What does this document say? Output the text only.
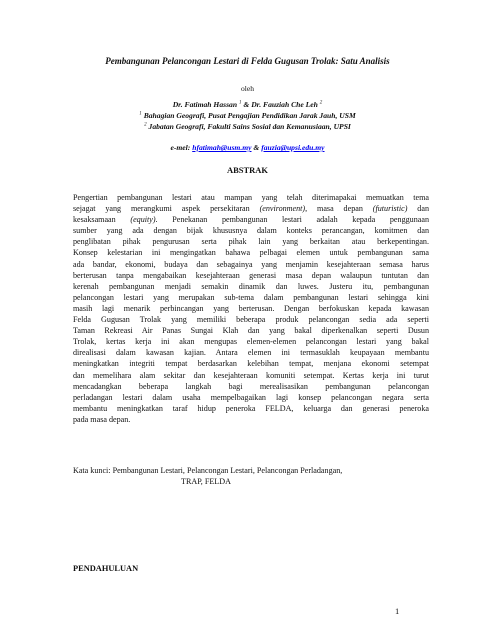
Pembangunan Pelancongan Lestari di Felda Gugusan Trolak: Satu Analisis
oleh
Dr. Fatimah Hassan $^1$ & Dr. Fauziah Che Leh $^2$
$^1$ Bahagian Geografi, Pusat Pengajian Pendidikan Jarak Jauh, USM
$^2$ Jabatan Geografi, Fakulti Sains Sosial dan Kemanusiaan, UPSI
e-mel: hfatimah@usm.my & fauzia@upsi.edu.my
ABSTRAK
Pengertian pembangunan lestari atau mampan yang telah diterimapakai memuatkan tema
sejagat yang merangkumi aspek persekitaran (environment), masa depan (futuristic) dan
kesaksamaan (equity). Penekanan pembangunan lestari adalah kepada penggunaan
sumber yang ada dengan bijak khususnya dalam konteks perancangan, komitmen dan
penglibatan pihak pengurusan serta pihak lain yang berkaitan atau berkepentingan.
Konsep kelestarian ini mengingatkan bahawa pelbagai elemen untuk pembangunan sama
ada bandar, ekonomi, budaya dan sebagainya yang menjamin kesejahteraan semasa harus
berterusan tanpa mengabaikan kesejahteraan generasi masa depan walaupun tuntutan dan
kerenah pembangunan menjadi semakin dinamik dan luwes. Justeru itu, pembangunan
pelancongan lestari yang merupakan sub-tema dalam pembangunan lestari sehingga kini
masih lagi menarik perbincangan yang berterusan. Dengan berfokuskan kepada kawasan
Felda Gugusan Trolak yang memiliki beberapa produk pelancongan sedia ada seperti
Taman Rekreasi Air Panas Sungai Klah dan yang bakal diperkenalkan seperti Dusun
Trolak, kertas kerja ini akan mengupas elemen-elemen pelancongan lestari yang bakal
direalisasi dalam kawasan kajian. Antara elemen ini termasuklah keupayaan membantu
meningkatkan integriti tempat berdasarkan kelebihan tempat, menjana ekonomi setempat
dan memelihara alam sekitar dan kesejahteraan komuniti setempat. Kertas kerja ini turut
mencadangkan beberapa langkah bagi merealisasikan pembangunan pelancongan
perladangan lestari dalam usaha mempelbagaikan lagi konsep pelancongan negara serta
membantu meningkatkan taraf hidup peneroka FELDA, keluarga dan generasi peneroka
pada masa depan.
Kata kunci: Pembangunan Lestari, Pelancongan Lestari, Pelancongan Perladangan,
TRAP, FELDA
PENDAHULUAN
1
